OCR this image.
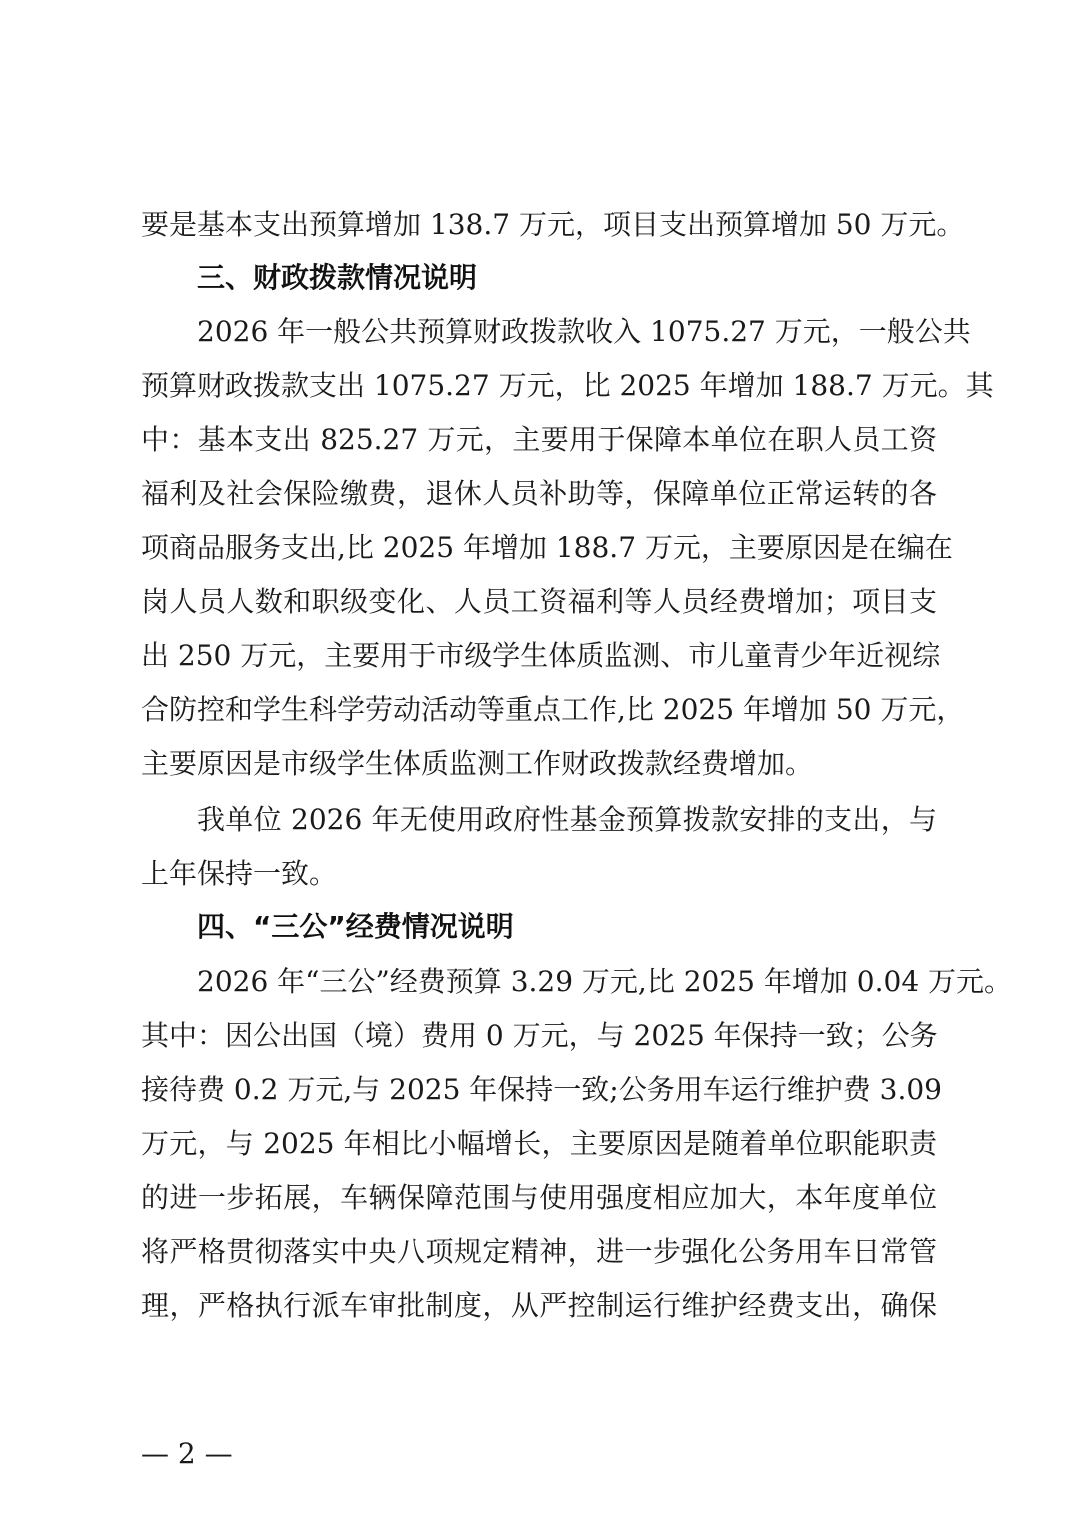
要是基本支出预算增加 138.7 万元，项目支出预算增加 50 万元。
三、财政拨款情况说明
2026 年一般公共预算财政拨款收入 1075.27 万元，一般公共
预算财政拨款支出 1075.27 万元，比 2025 年增加 188.7 万元。其
中：基本支出 825.27 万元，主要用于保障本单位在职人员工资
福利及社会保险缴费，退休人员补助等，保障单位正常运转的各
项商品服务支出,比 2025 年增加 188.7 万元，主要原因是在编在
岗人员人数和职级变化、人员工资福利等人员经费增加；项目支
出 250 万元，主要用于市级学生体质监测、市儿童青少年近视综
合防控和学生科学劳动活动等重点工作,比 2025 年增加 50 万元，
主要原因是市级学生体质监测工作财政拨款经费增加。
我单位 2026 年无使用政府性基金预算拨款安排的支出，与
上年保持一致。
四、“三公”经费情况说明
2026 年“三公”经费预算 3.29 万元,比 2025 年增加 0.04 万元。
其中：因公出国（境）费用 0 万元，与 2025 年保持一致；公务
接待费 0.2 万元,与 2025 年保持一致;公务用车运行维护费 3.09
万元，与 2025 年相比小幅增长，主要原因是随着单位职能职责
的进一步拓展，车辆保障范围与使用强度相应加大，本年度单位
将严格贯彻落实中央八项规定精神，进一步强化公务用车日常管
理，严格执行派车审批制度，从严控制运行维护经费支出，确保
— 2 —
